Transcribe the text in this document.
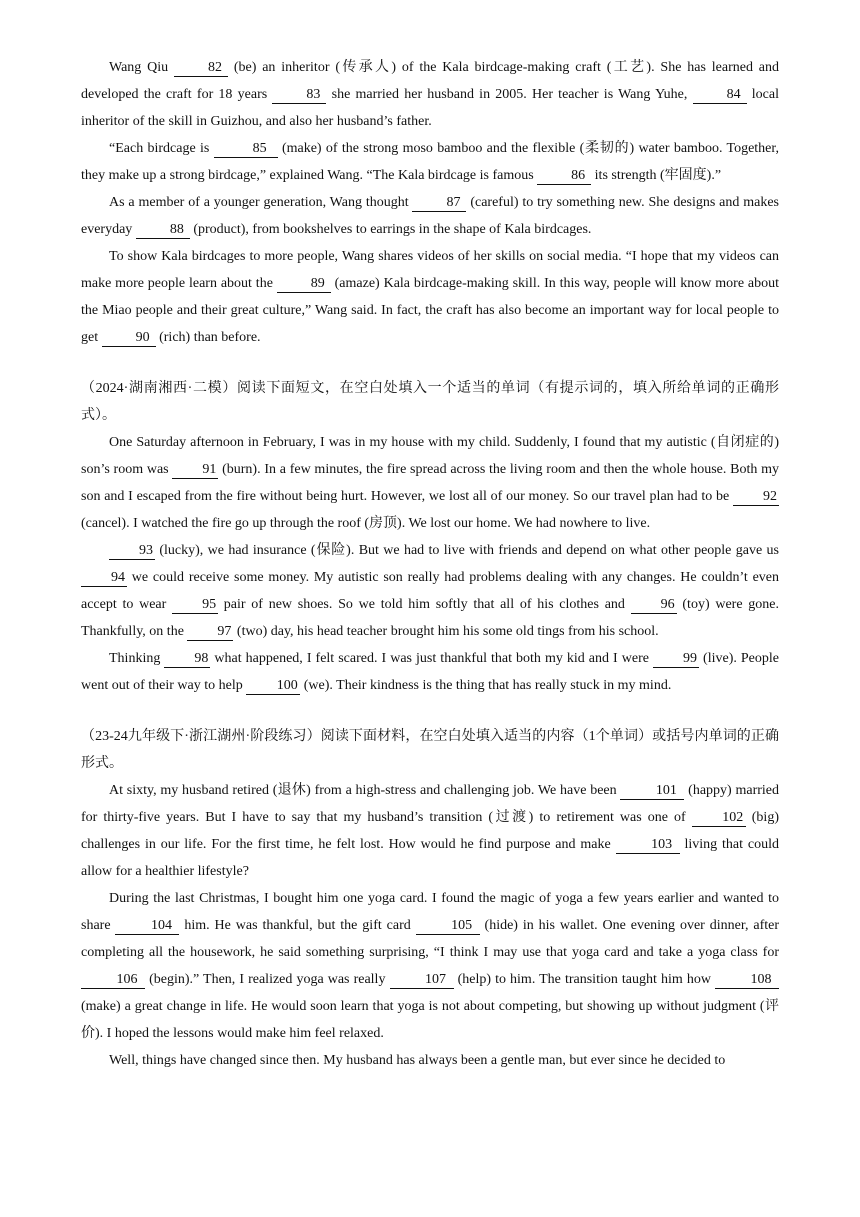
Wang Qiu 82 (be) an inheritor (传承人) of the Kala birdcage-making craft (工艺). She has learned and developed the craft for 18 years 83 she married her husband in 2005. Her teacher is Wang Yuhe, 84 local inheritor of the skill in Guizhou, and also her husband’s father.

“Each birdcage is	85 (make) of the strong moso bamboo and the flexible (柔韧的) water bamboo. Together, they make up a strong birdcage,” explained Wang. “The Kala birdcage is famous 86 its strength (牢固度).”

As a member of a younger generation, Wang thought 87 (careful) to try something new. She designs and makes everyday 88 (product), from bookshelves to earrings in the shape of Kala birdcages.

To show Kala birdcages to more people, Wang shares videos of her skills on social media. “I hope that my videos can make more people learn about the 89 (amaze) Kala birdcage-making skill. In this way, people will know more about the Miao people and their great culture,” Wang said. In fact, the craft has also become an important way for local people to get 90 (rich) than before.

（2024·湖南湘西·二模）阅读下面短文，在空白处填入一个适当的单词（有提示词的，填入所给单词的正确形式）。

One Saturday afternoon in February, I was in my house with my child. Suddenly, I found that my autistic (自闭症的) son’s room was 91 (burn). In a few minutes, the fire spread across the living room and then the whole house. Both my son and I escaped from the fire without being hurt. However, we lost all of our money. So our travel plan had to be 92 (cancel). I watched the fire go up through the roof (房顶). We lost our home. We had nowhere to live.

93 (lucky), we had insurance (保险). But we had to live with friends and depend on what other people gave us 94 we could receive some money. My autistic son really had problems dealing with any changes. He couldn’t even accept to wear 95 pair of new shoes. So we told him softly that all of his clothes and 96 (toy) were gone. Thankfully, on the 97 (two) day, his head teacher brought him his some old tings from his school.

Thinking 98 what happened, I felt scared. I was just thankful that both my kid and I were 99 (live). People went out of their way to help 100 (we). Their kindness is the thing that has really stuck in my mind.

（23-24九年级下·浙江湖州·阶段练习）阅读下面材料，在空白处填入适当的内容（1个单词）或括号内单词的正确形式。

At sixty, my husband retired (退休) from a high-stress and challenging job. We have been	101 (happy) married for thirty-five years. But I have to say that my husband’s transition (过渡) to retirement was one of 102 (big) challenges in our life. For the first time, he felt lost. How would he find purpose and make	103 living that could allow for a healthier lifestyle?

During the last Christmas, I bought him one yoga card. I found the magic of yoga a few years earlier and wanted to share	104 him. He was thankful, but the gift card	105 (hide) in his wallet. One evening over dinner, after completing all the housework, he said something surprising, “I think I may use that yoga card and take a yoga class for 106 (begin).” Then, I realized yoga was really	107 (help) to him. The transition taught him how	108 (make) a great change in life. He would soon learn that yoga is not about competing, but showing up without judgment (评价). I hoped the lessons would make him feel relaxed.

Well, things have changed since then. My husband has always been a gentle man, but ever since he decided to
